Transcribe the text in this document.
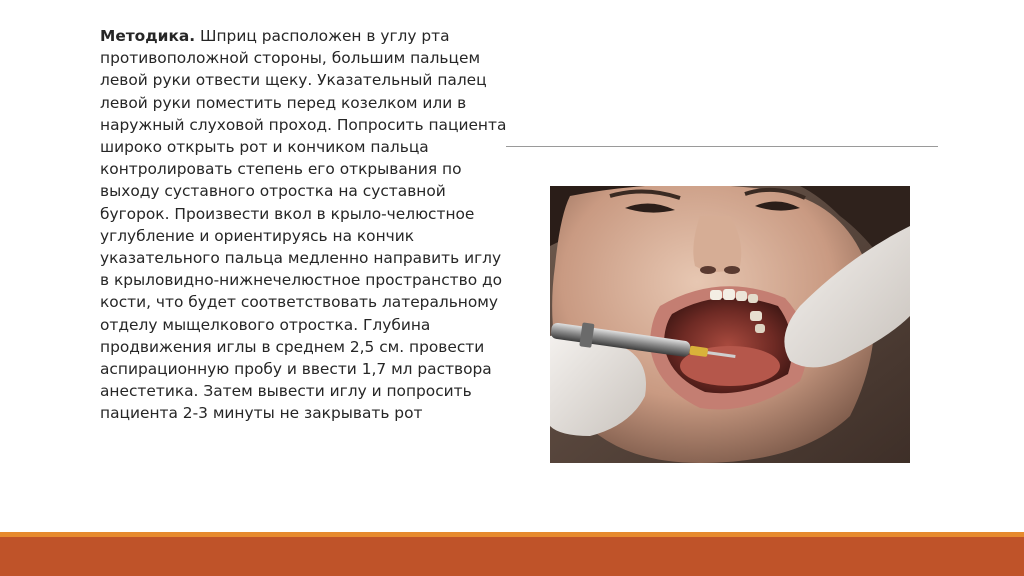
Методика. Шприц расположен в углу рта противоположной стороны, большим пальцем левой руки отвести щеку. Указательный палец левой руки поместить перед козелком или в наружный слуховой проход. Попросить пациента широко открыть рот и кончиком пальца контролировать степень его открывания по выходу суставного отростка на суставной бугорок. Произвести вкол в крыло-челюстное углубление и ориентируясь на кончик указательного пальца медленно направить иглу в крыловидно-нижнечелюстное пространство до кости, что будет соответствовать латеральному отделу мыщелкового отростка. Глубина продвижения иглы в среднем 2,5 см. провести аспирационную пробу и ввести 1,7 мл раствора анестетика. Затем вывести иглу и попросить пациента 2-3 минуты не закрывать рот
